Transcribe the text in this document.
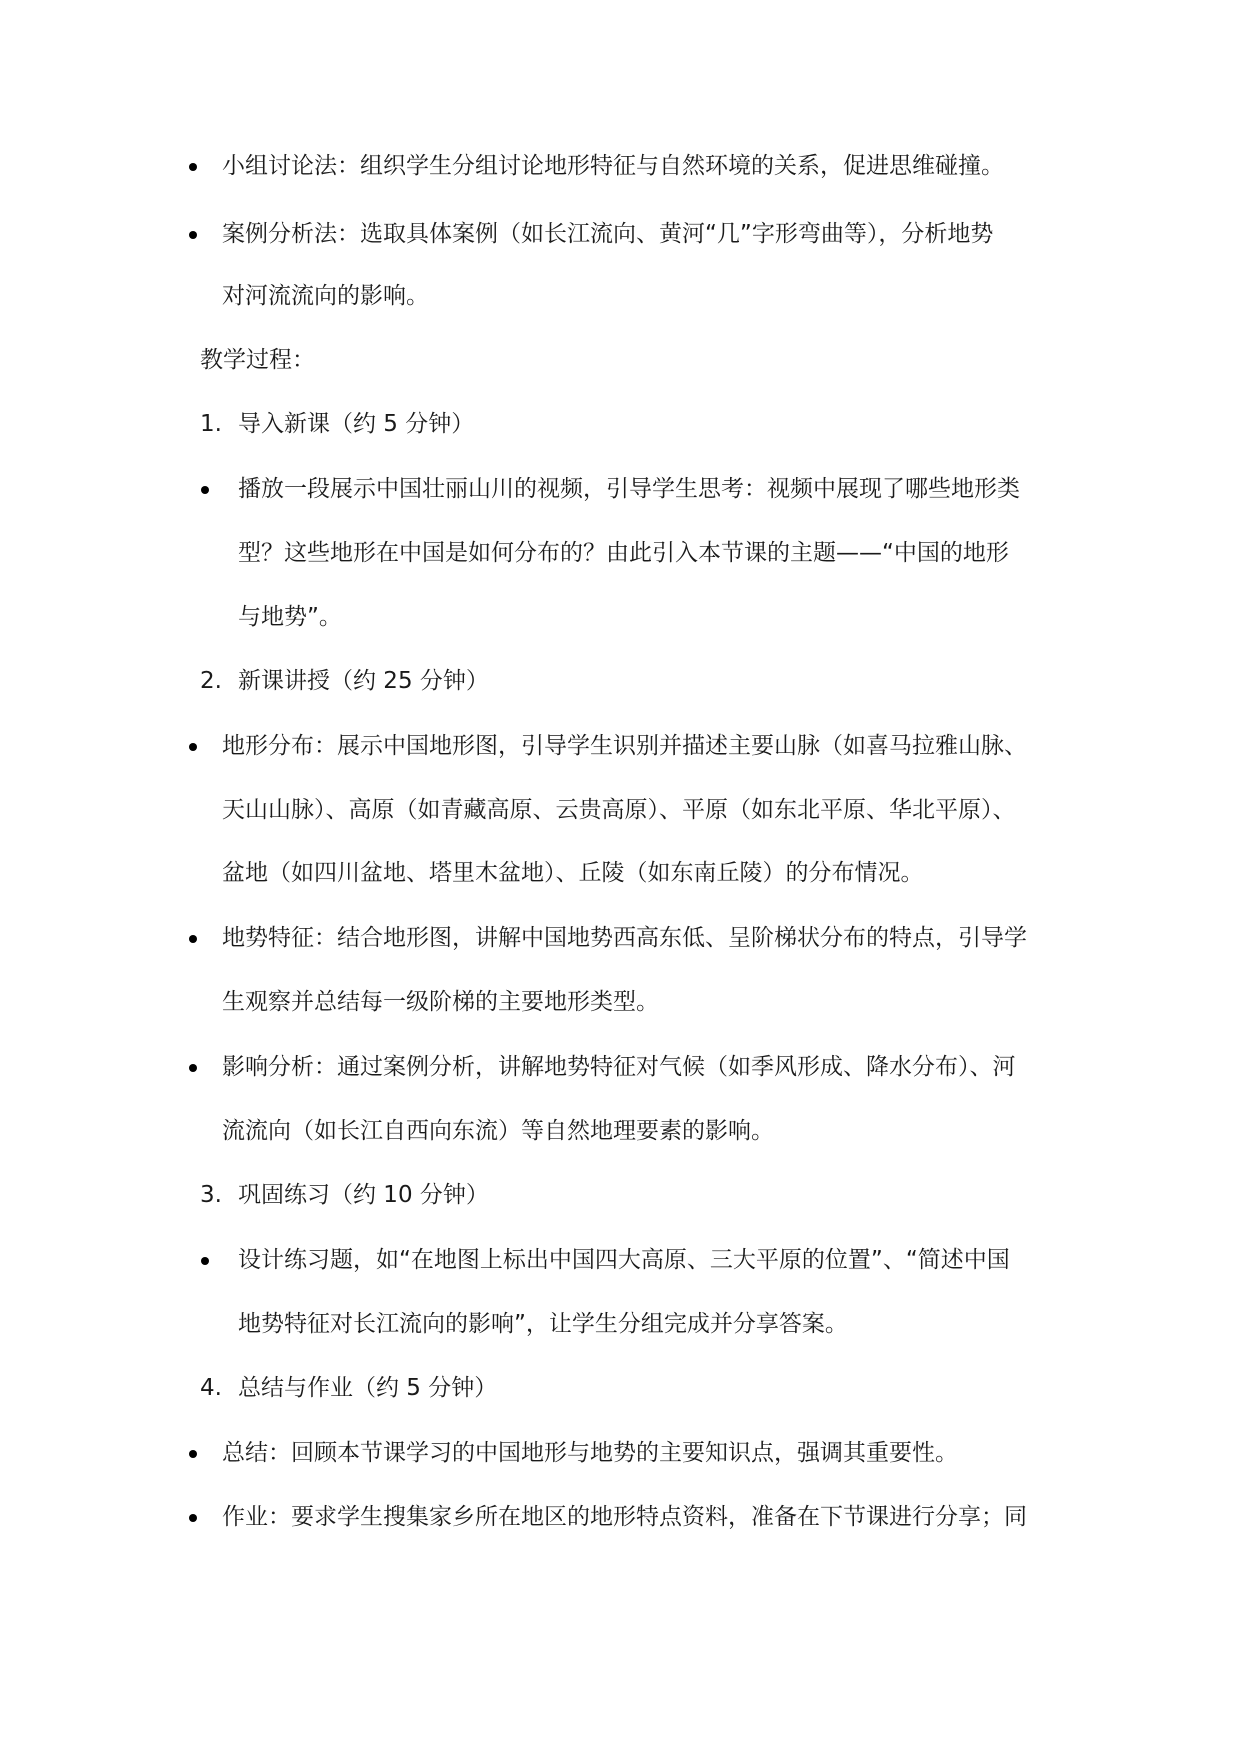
小组讨论法：组织学生分组讨论地形特征与自然环境的关系，促进思维碰撞。
案例分析法：选取具体案例（如长江流向、黄河“几”字形弯曲等），分析地势
对河流流向的影响。
教学过程：
1. 导入新课（约 5 分钟）
播放一段展示中国壮丽山川的视频，引导学生思考：视频中展现了哪些地形类
型？这些地形在中国是如何分布的？由此引入本节课的主题——“中国的地形
与地势”。
2. 新课讲授（约 25 分钟）
地形分布：展示中国地形图，引导学生识别并描述主要山脉（如喜马拉雅山脉、
天山山脉）、高原（如青藏高原、云贵高原）、平原（如东北平原、华北平原）、
盆地（如四川盆地、塔里木盆地）、丘陵（如东南丘陵）的分布情况。
地势特征：结合地形图，讲解中国地势西高东低、呈阶梯状分布的特点，引导学
生观察并总结每一级阶梯的主要地形类型。
影响分析：通过案例分析，讲解地势特征对气候（如季风形成、降水分布）、河
流流向（如长江自西向东流）等自然地理要素的影响。
3. 巩固练习（约 10 分钟）
设计练习题，如“在地图上标出中国四大高原、三大平原的位置”、“简述中国
地势特征对长江流向的影响”，让学生分组完成并分享答案。
4. 总结与作业（约 5 分钟）
总结：回顾本节课学习的中国地形与地势的主要知识点，强调其重要性。
作业：要求学生搜集家乡所在地区的地形特点资料，准备在下节课进行分享；同
